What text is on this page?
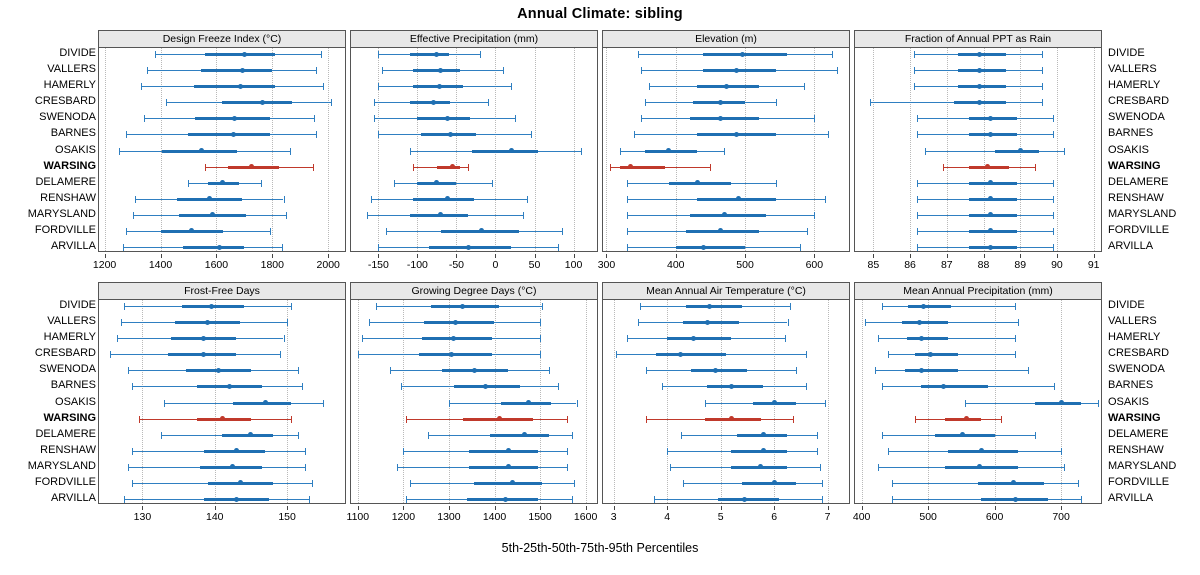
Annual Climate: sibling
DIVIDE
VALLERS
HAMERLY
CRESBARD
SWENODA
BARNES
OSAKIS
WARSING
DELAMERE
RENSHAW
MARYSLAND
FORDVILLE
ARVILLA
Design Freeze Index (°C)
1200	1400	1600	1800	2000
Effective Precipitation (mm)
-150 -100 -50	0	50 100
Elevation (m)
300	400	500	600
Fraction of Annual PPT as Rain
85 86 87 88 89 90 91
DIVIDE
VALLERS
HAMERLY
CRESBARD
SWENODA
BARNES
OSAKIS
WARSING
DELAMERE
RENSHAW
MARYSLAND
FORDVILLE
ARVILLA
DIVIDE
VALLERS
HAMERLY
CRESBARD
SWENODA
BARNES
OSAKIS
WARSING
DELAMERE
RENSHAW
MARYSLAND
FORDVILLE
ARVILLA
Frost-Free Days
130	140	150
Growing Degree Days (°C)
1100 1200 1300 1400 1500 1600
Mean Annual Air Temperature (°C)
3	4	5	6	7
Mean Annual Precipitation (mm)
400	500	600	700
DIVIDE
VALLERS
HAMERLY
CRESBARD
SWENODA
BARNES
OSAKIS
WARSING
DELAMERE
RENSHAW
MARYSLAND
FORDVILLE
ARVILLA
5th-25th-50th-75th-95th Percentiles
